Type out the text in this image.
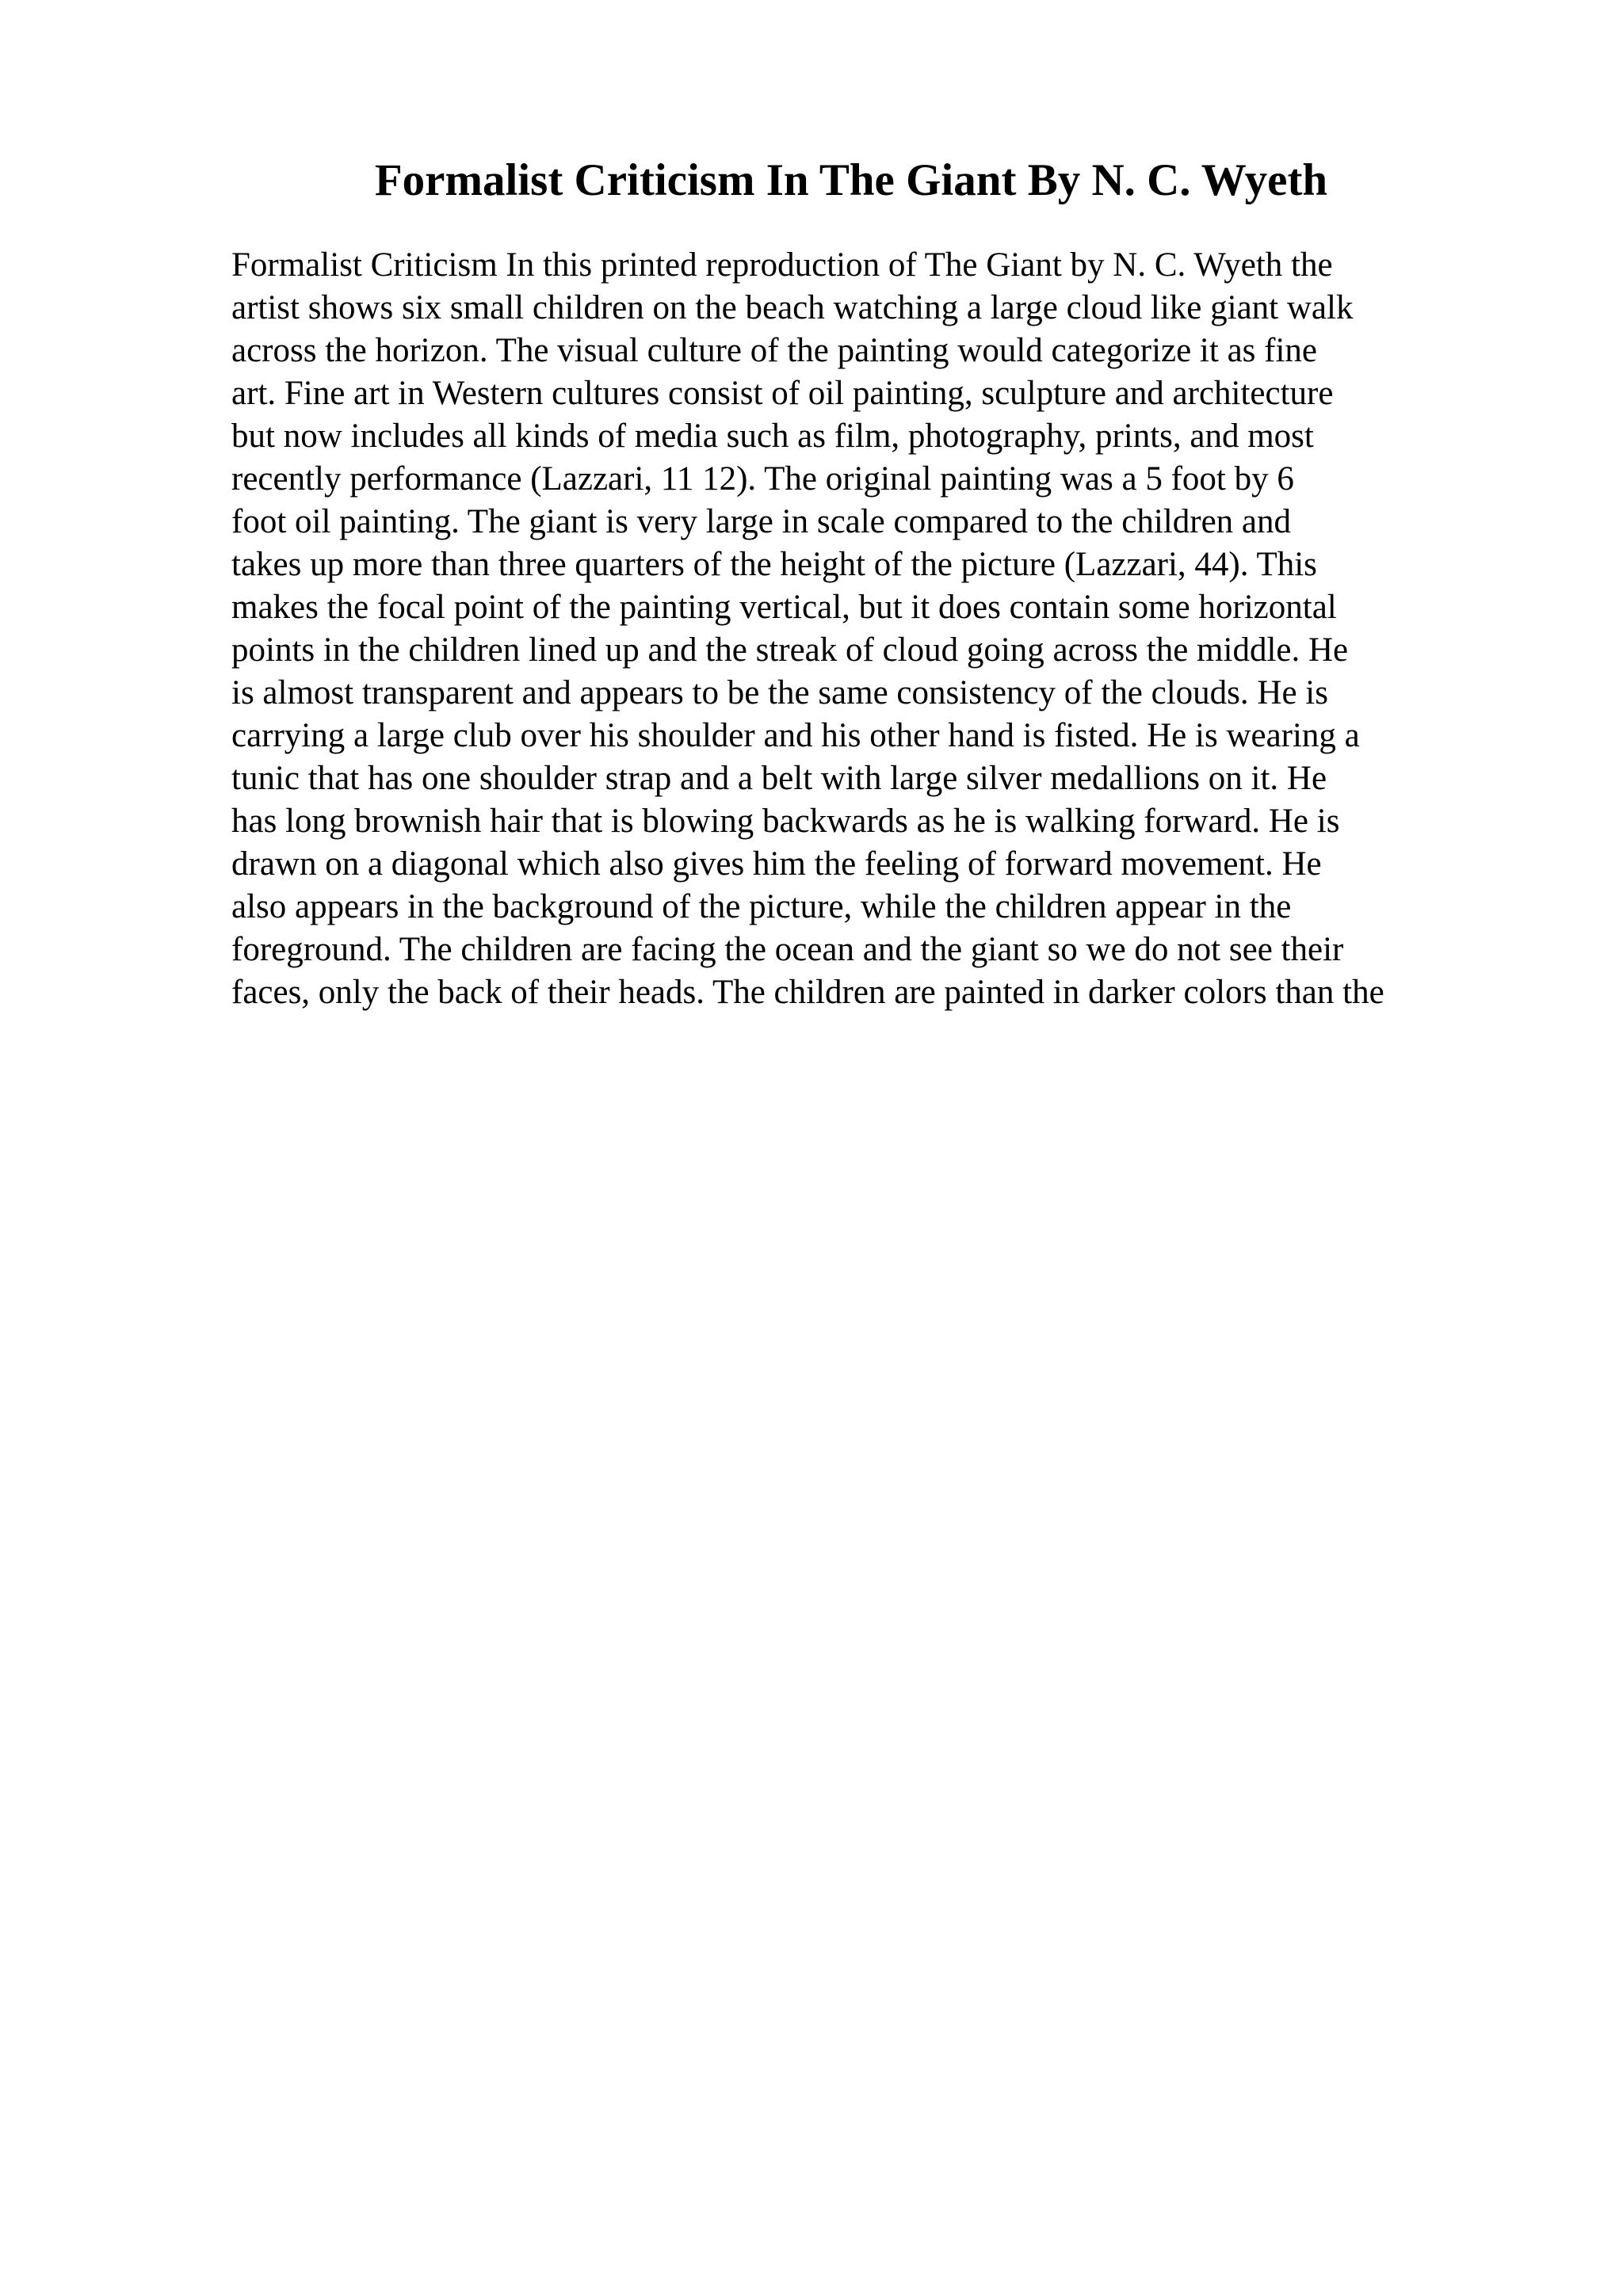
Formalist Criticism In The Giant By N. C. Wyeth
Formalist Criticism In this printed reproduction of The Giant by N. C. Wyeth the
artist shows six small children on the beach watching a large cloud like giant walk
across the horizon. The visual culture of the painting would categorize it as fine
art. Fine art in Western cultures consist of oil painting, sculpture and architecture
but now includes all kinds of media such as film, photography, prints, and most
recently performance (Lazzari, 11 12). The original painting was a 5 foot by 6
foot oil painting. The giant is very large in scale compared to the children and
takes up more than three quarters of the height of the picture (Lazzari, 44). This
makes the focal point of the painting vertical, but it does contain some horizontal
points in the children lined up and the streak of cloud going across the middle. He
is almost transparent and appears to be the same consistency of the clouds. He is
carrying a large club over his shoulder and his other hand is fisted. He is wearing a
tunic that has one shoulder strap and a belt with large silver medallions on it. He
has long brownish hair that is blowing backwards as he is walking forward. He is
drawn on a diagonal which also gives him the feeling of forward movement. He
also appears in the background of the picture, while the children appear in the
foreground. The children are facing the ocean and the giant so we do not see their
faces, only the back of their heads. The children are painted in darker colors than the
